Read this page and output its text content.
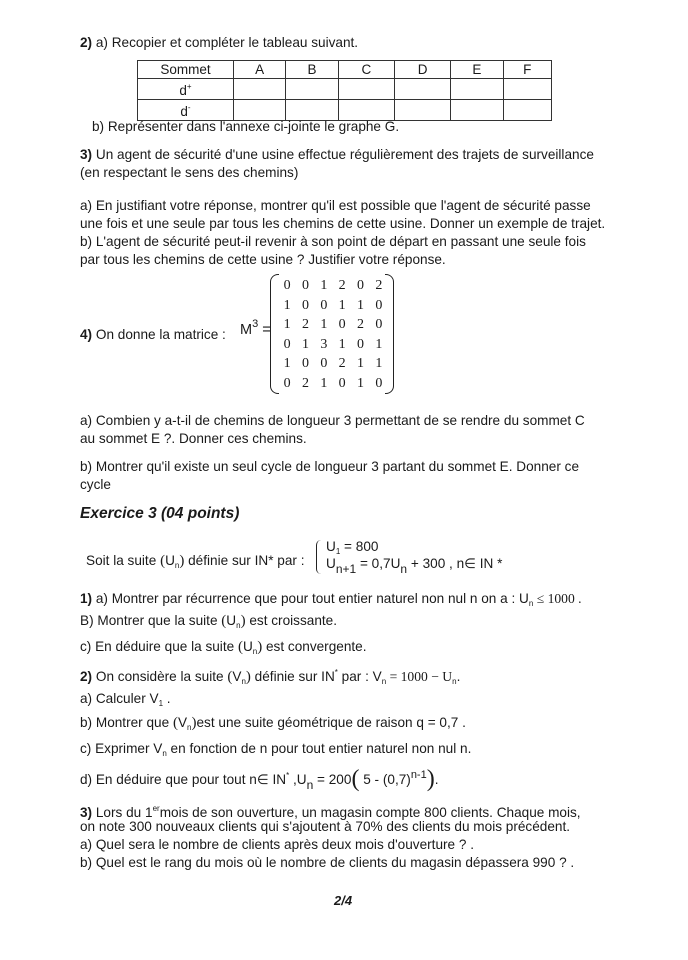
2) a) Recopier et compléter le tableau suivant.
Sommet	A	B	C	D	E	F
d+						
d-						
b) Représenter dans l'annexe ci-jointe le graphe G.
3) Un agent de sécurité d'une usine effectue régulièrement des trajets de surveillance
(en respectant le sens des chemins)
a) En justifiant votre réponse, montrer qu'il est possible que l'agent de sécurité passe
une fois et une seule par tous les chemins de cette usine. Donner un exemple de trajet.
b) L'agent de sécurité peut-il revenir à son point de départ en passant une seule fois
par tous les chemins de cette usine ? Justifier votre réponse.
4) On donne la matrice : $M^3$ =
0 0 1 2 0 2
1 0 0 1 1 0
1 2 1 0 2 0
0 1 3 1 0 1
1 0 0 2 1 1
0 2 1 0 1 0
a) Combien y a-t-il de chemins de longueur 3 permettant de se rendre du sommet C
au sommet E ?. Donner ces chemins.
b) Montrer qu'il existe un seul cycle de longueur 3 partant du sommet E. Donner ce
cycle
Exercice 3 (04 points)
Soit la suite $(U_n)$ définie sur IN* par :
$U_1 = 800$
$U_{n+1} = 0,7U_n + 300$ , n∈ IN *
1) a) Montrer par récurrence que pour tout entier naturel non nul n on a : $U_n \le 1000$ .
B) Montrer que la suite $(U_n)$ est croissante.
c) En déduire que la suite $(U_n)$ est convergente.
2) On considère la suite $(V_n)$ définie sur IN* par : $V_n = 1000 - U_n$.
a) Calculer $V_1$ .
b) Montrer que $(V_n)est$ une suite géométrique de raison q = 0,7 .
c) Exprimer $V_n$ en fonction de n pour tout entier naturel non nul n.
d) En déduire que pour tout n∈ IN* $,U_n = 200$( $5 - (0,7)^{n-1}$).
3) Lors du 1ermois de son ouverture, un magasin compte 800 clients. Chaque mois,
on note 300 nouveaux clients qui s'ajoutent à 70% des clients du mois précédent.
a) Quel sera le nombre de clients après deux mois d'ouverture ? .
b) Quel est le rang du mois où le nombre de clients du magasin dépassera 990 ? .
2/4
